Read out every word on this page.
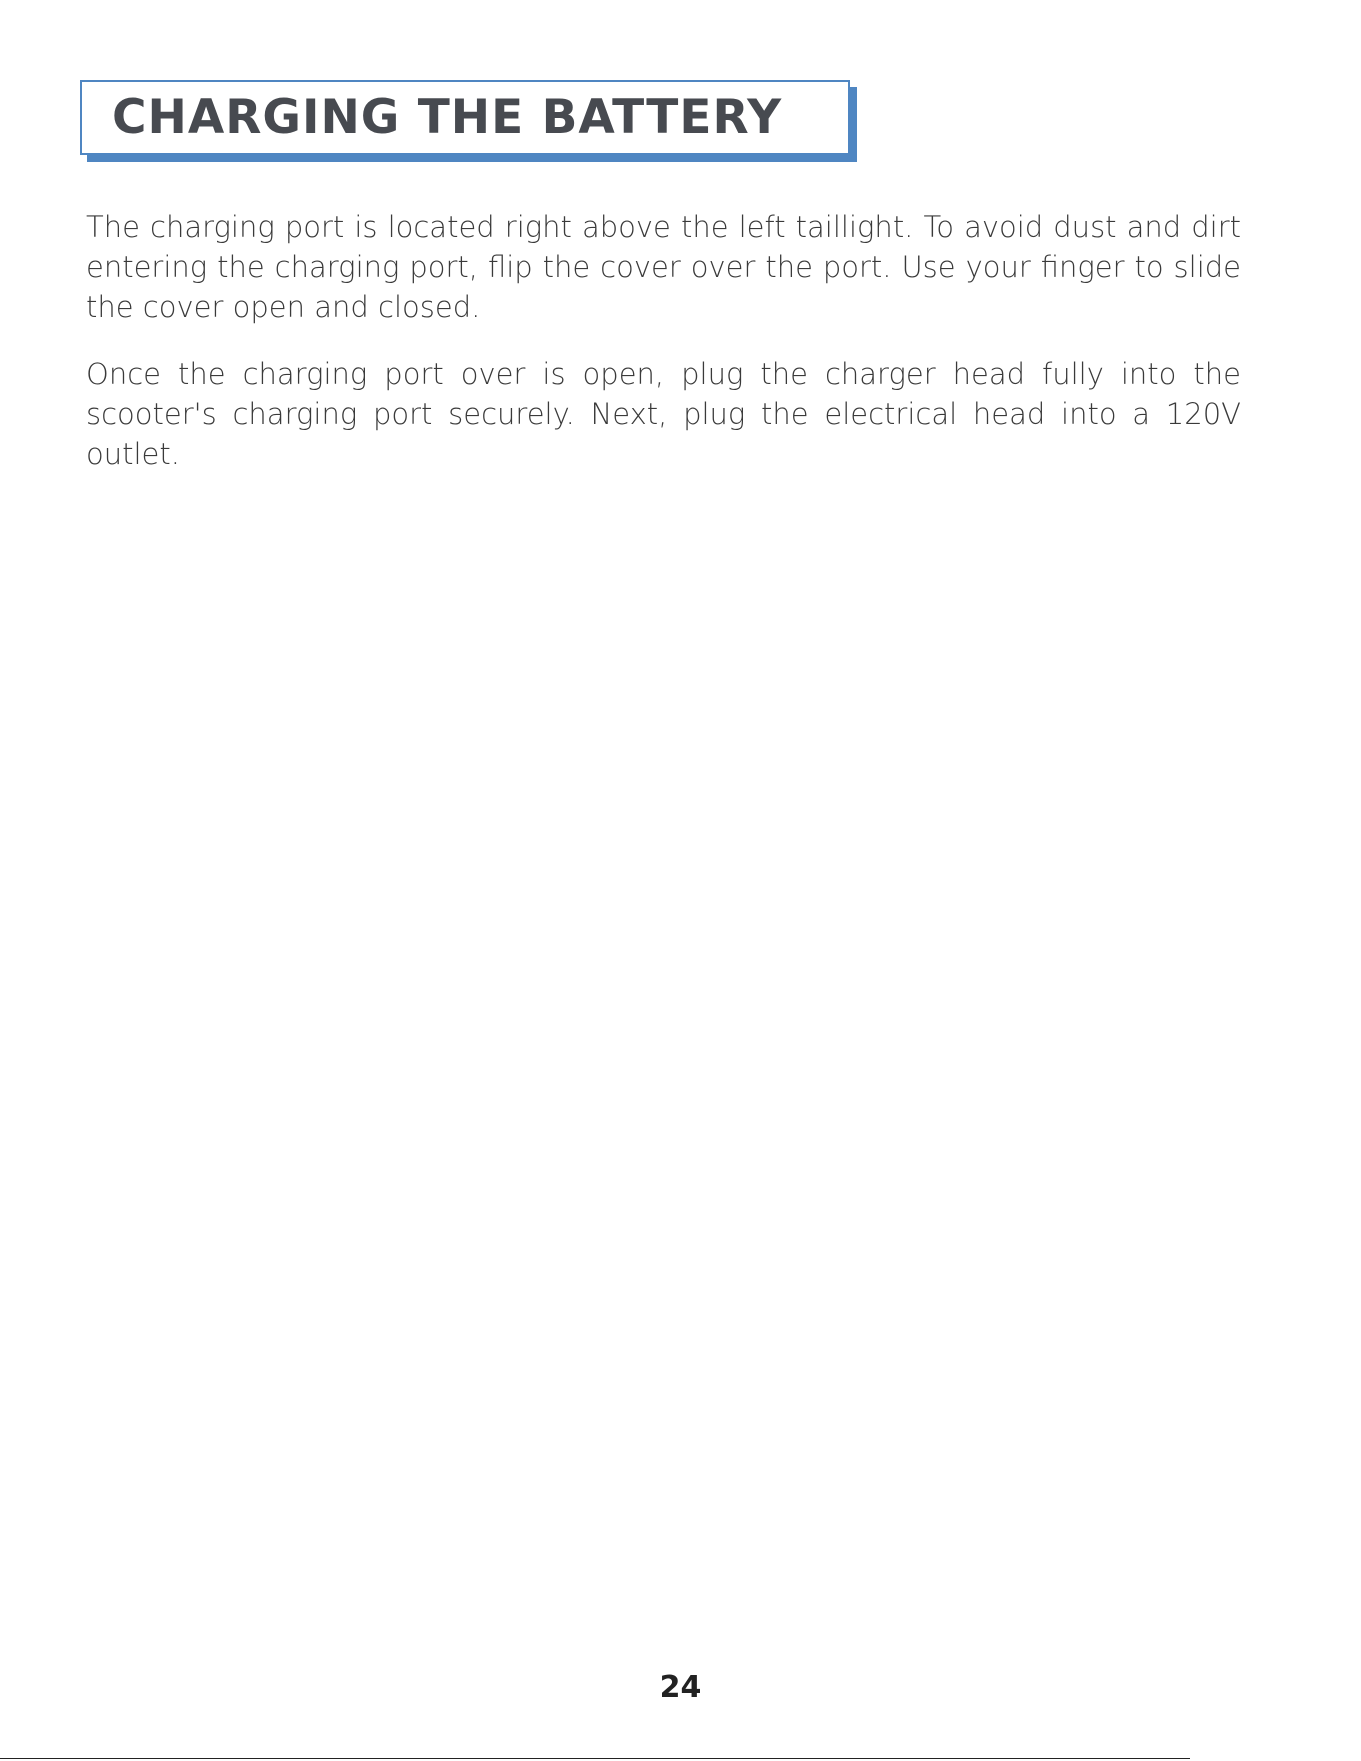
CHARGING THE BATTERY

The charging port is located right above the left taillight. To avoid dust and dirt entering the charging port, flip the cover over the port. Use your finger to slide the cover open and closed.

Once the charging port over is open, plug the charger head fully into the scooter's charging port securely. Next, plug the electrical head into a 120V outlet.

24
